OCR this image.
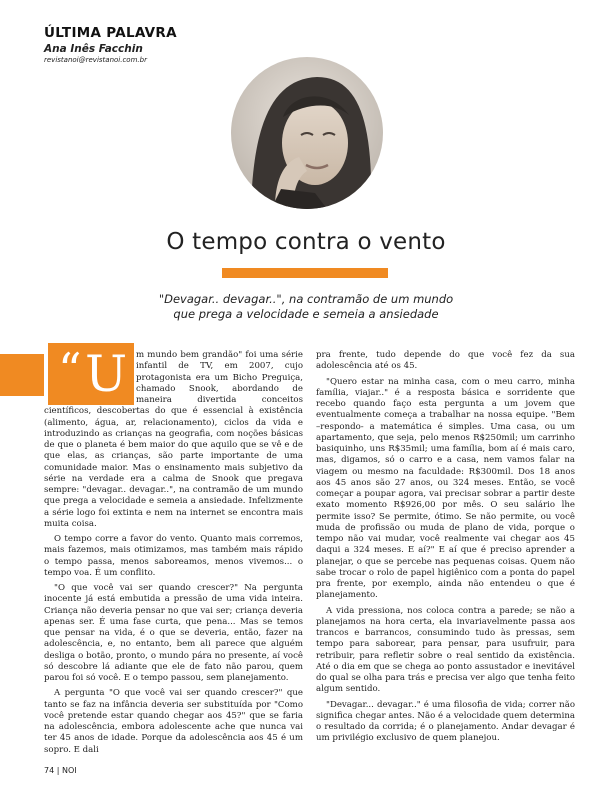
ÚLTIMA PALAVRA
Ana Inês Facchin
revistanoi@revistanoi.com.br
O tempo contra o vento
"Devagar.. devagar..", na contramão de um mundo
que prega a velocidade e semeia a ansiedade

m mundo bem grandão" foi uma série infantil de TV, em 2007, cujo protagonista era um Bicho Preguiça, chamado Snook, abordando de maneira divertida conceitos científicos, descobertas do que é essencial à existência (alimento, água, ar, relacionamento), ciclos da vida e introduzindo as crianças na geografia, com noções básicas de que o planeta é bem maior do que aquilo que se vê e de que elas, as crianças, são parte importante de uma comunidade maior. Mas o ensinamento mais subjetivo da série na verdade era a calma de Snook que pregava sempre: "devagar.. devagar..", na contramão de um mundo que prega a velocidade e semeia a ansiedade. Infelizmente a série logo foi extinta e nem na internet se encontra mais muita coisa.

O tempo corre a favor do vento. Quanto mais corremos, mais fazemos, mais otimizamos, mas também mais rápido o tempo passa, menos saboreamos, menos vivemos... o tempo voa. É um conflito.

"O que você vai ser quando crescer?" Na pergunta inocente já está embutida a pressão de uma vida inteira. Criança não deveria pensar no que vai ser; criança deveria apenas ser. É uma fase curta, que pena... Mas se temos que pensar na vida, é o que se deveria, então, fazer na adolescência, e, no entanto, bem ali parece que alguém desliga o botão, pronto, o mundo pára no presente, aí você só descobre lá adiante que ele de fato não parou, quem parou foi só você. E o tempo passou, sem planejamento.

A pergunta "O que você vai ser quando crescer?" que tanto se faz na infância deveria ser substituída por "Como você pretende estar quando chegar aos 45?" que se faria na adolescência, embora adolescente ache que nunca vai ter 45 anos de idade. Porque da adolescência aos 45 é um sopro. E dali

“ U	pra frente, tudo depende do que você fez da sua adolescência até os 45.

"Quero estar na minha casa, com o meu carro, minha família, viajar.." é a resposta básica e sorridente que recebo quando faço esta pergunta a um jovem que eventualmente começa a trabalhar na nossa equipe. "Bem –respondo- a matemática é simples. Uma casa, ou um apartamento, que seja, pelo menos R$250mil; um carrinho basiquinho, uns R$35mil; uma família, bom aí é mais caro, mas, digamos, só o carro e a casa, nem vamos falar na viagem ou mesmo na faculdade: R$300mil. Dos 18 anos aos 45 anos são 27 anos, ou 324 meses. Então, se você começar a poupar agora, vai precisar sobrar a partir deste exato momento R$926,00 por mês. O seu salário lhe permite isso? Se permite, ótimo. Se não permite, ou você muda de profissão ou muda de plano de vida, porque o tempo não vai mudar, você realmente vai chegar aos 45 daqui a 324 meses. E aí?" E aí que é preciso aprender a planejar, o que se percebe nas pequenas coisas. Quem não sabe trocar o rolo de papel higiênico com a ponta do papel pra frente, por exemplo, ainda não entendeu o que é planejamento.

A vida pressiona, nos coloca contra a parede; se não a planejamos na hora certa, ela invariavelmente passa aos trancos e barrancos, consumindo tudo às pressas, sem tempo para saborear, para pensar, para usufruir, para retribuir, para refletir sobre o real sentido da existência. Até o dia em que se chega ao ponto assustador e inevitável do qual se olha para trás e precisa ver algo que tenha feito algum sentido.

"Devagar... devagar.." é uma filosofia de vida; correr não significa chegar antes. Não é a velocidade quem determina o resultado da corrida; é o planejamento. Andar devagar é um privilégio exclusivo de quem planejou.

74 | NOI
